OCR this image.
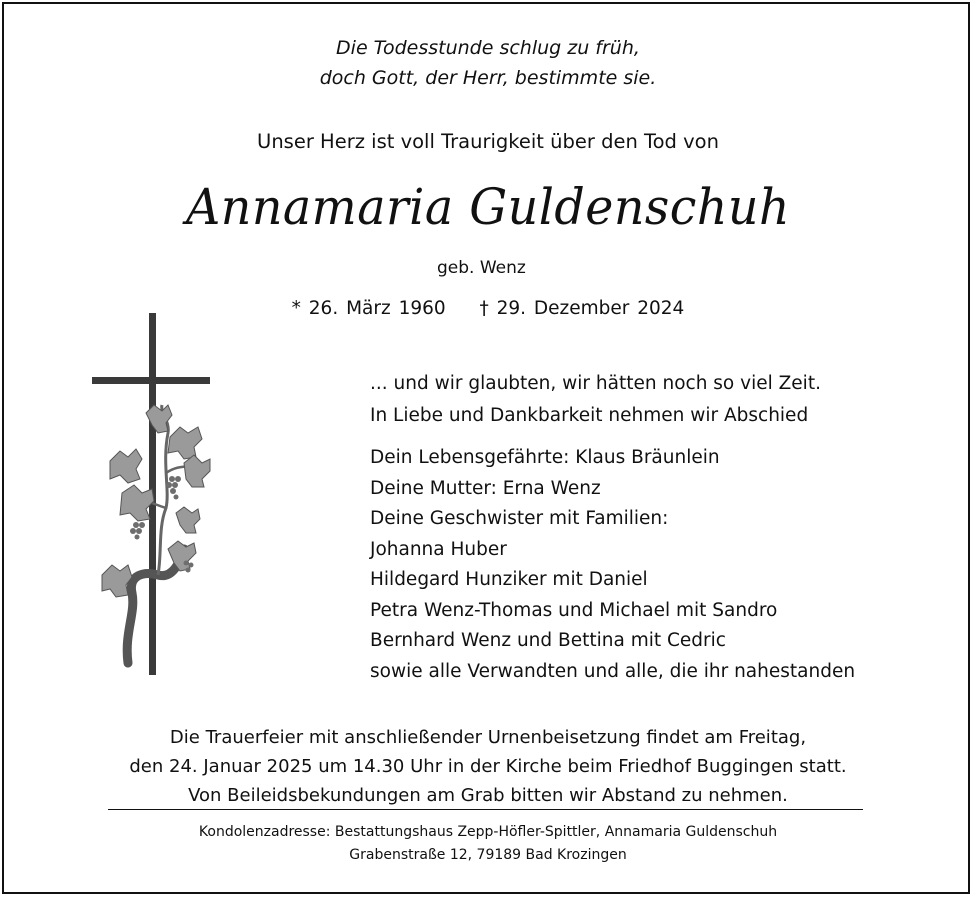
Die Todesstunde schlug zu früh,
doch Gott, der Herr, bestimmte sie.
Unser Herz ist voll Traurigkeit über den Tod von
Annamaria Guldenschuh
geb. Wenz
* 26. März 1960 † 29. Dezember 2024
... und wir glaubten, wir hätten noch so viel Zeit.
In Liebe und Dankbarkeit nehmen wir Abschied
Dein Lebensgefährte: Klaus Bräunlein
Deine Mutter: Erna Wenz
Deine Geschwister mit Familien:
Johanna Huber
Hildegard Hunziker mit Daniel
Petra Wenz-Thomas und Michael mit Sandro
Bernhard Wenz und Bettina mit Cedric
sowie alle Verwandten und alle, die ihr nahestanden
Die Trauerfeier mit anschließender Urnenbeisetzung findet am Freitag,
den 24. Januar 2025 um 14.30 Uhr in der Kirche beim Friedhof Buggingen statt.
Von Beileidsbekundungen am Grab bitten wir Abstand zu nehmen.
Kondolenzadresse: Bestattungshaus Zepp-Höfler-Spittler, Annamaria Guldenschuh
Grabenstraße 12, 79189 Bad Krozingen
